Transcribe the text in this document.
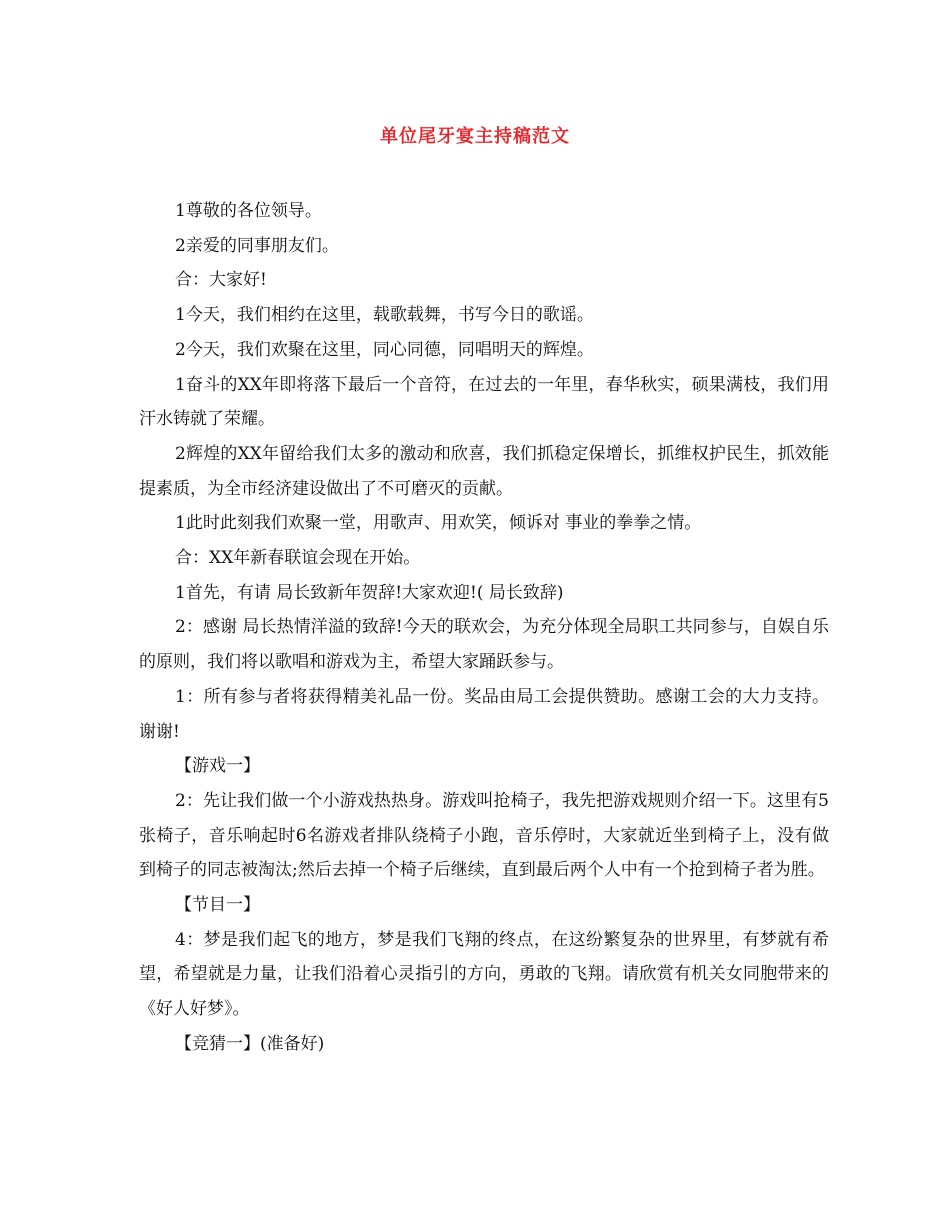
单位尾牙宴主持稿范文

1尊敬的各位领导。

2亲爱的同事朋友们。

合：大家好!

1今天，我们相约在这里，载歌载舞，书写今日的歌谣。

2今天，我们欢聚在这里，同心同德，同唱明天的辉煌。

1奋斗的XX年即将落下最后一个音符，在过去的一年里，春华秋实，硕果满枝，我们用汗水铸就了荣耀。

2辉煌的XX年留给我们太多的激动和欣喜，我们抓稳定保增长，抓维权护民生，抓效能提素质，为全市经济建设做出了不可磨灭的贡献。

1此时此刻我们欢聚一堂，用歌声、用欢笑，倾诉对 事业的拳拳之情。

合：XX年新春联谊会现在开始。

1首先，有请 局长致新年贺辞!大家欢迎!( 局长致辞)

2：感谢 局长热情洋溢的致辞!今天的联欢会，为充分体现全局职工共同参与，自娱自乐的原则，我们将以歌唱和游戏为主，希望大家踊跃参与。

1：所有参与者将获得精美礼品一份。奖品由局工会提供赞助。感谢工会的大力支持。谢谢!

【游戏一】

2：先让我们做一个小游戏热热身。游戏叫抢椅子，我先把游戏规则介绍一下。这里有5张椅子，音乐响起时6名游戏者排队绕椅子小跑，音乐停时，大家就近坐到椅子上，没有做到椅子的同志被淘汰;然后去掉一个椅子后继续，直到最后两个人中有一个抢到椅子者为胜。

【节目一】

4：梦是我们起飞的地方，梦是我们飞翔的终点，在这纷繁复杂的世界里，有梦就有希望，希望就是力量，让我们沿着心灵指引的方向，勇敢的飞翔。请欣赏有机关女同胞带来的《好人好梦》。

【竞猜一】(准备好)
